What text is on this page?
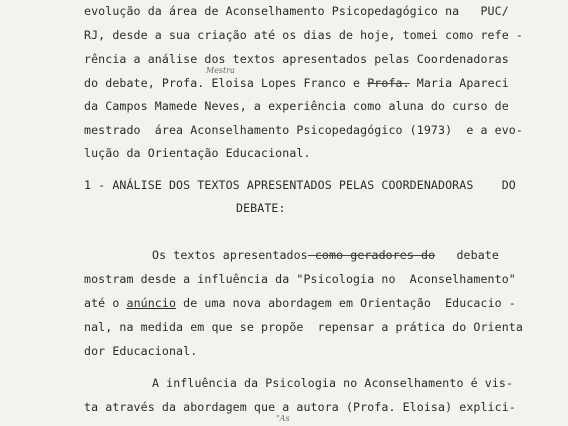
evolução da área de Aconselhamento Psicopedagógico na   PUC/
RJ, desde a sua criação até os dias de hoje, tomei como refe -
rência a análise dos textos apresentados pelas Coordenadoras
Mestra
do debate, Profa. Eloisa Lopes Franco e Profa. Maria Apareci
da Campos Mamede Neves, a experiência como aluna do curso de
mestrado  área Aconselhamento Psicopedagógico (1973)  e a evo-
lução da Orientação Educacional.
1 - ANÁLISE DOS TEXTOS APRESENTADOS PELAS COORDENADORAS    DO
DEBATE:
Os textos apresentados como geradores do   debate
mostram desde a influência da "Psicologia no  Aconselhamento"
até o anúncio de uma nova abordagem em Orientação  Educacio -
nal, na medida em que se propõe  repensar a prática do Orienta
dor Educacional.
A influência da Psicologia no Aconselhamento é vis-
ta através da abordagem que a autora (Profa. Eloisa) explici-
"As
